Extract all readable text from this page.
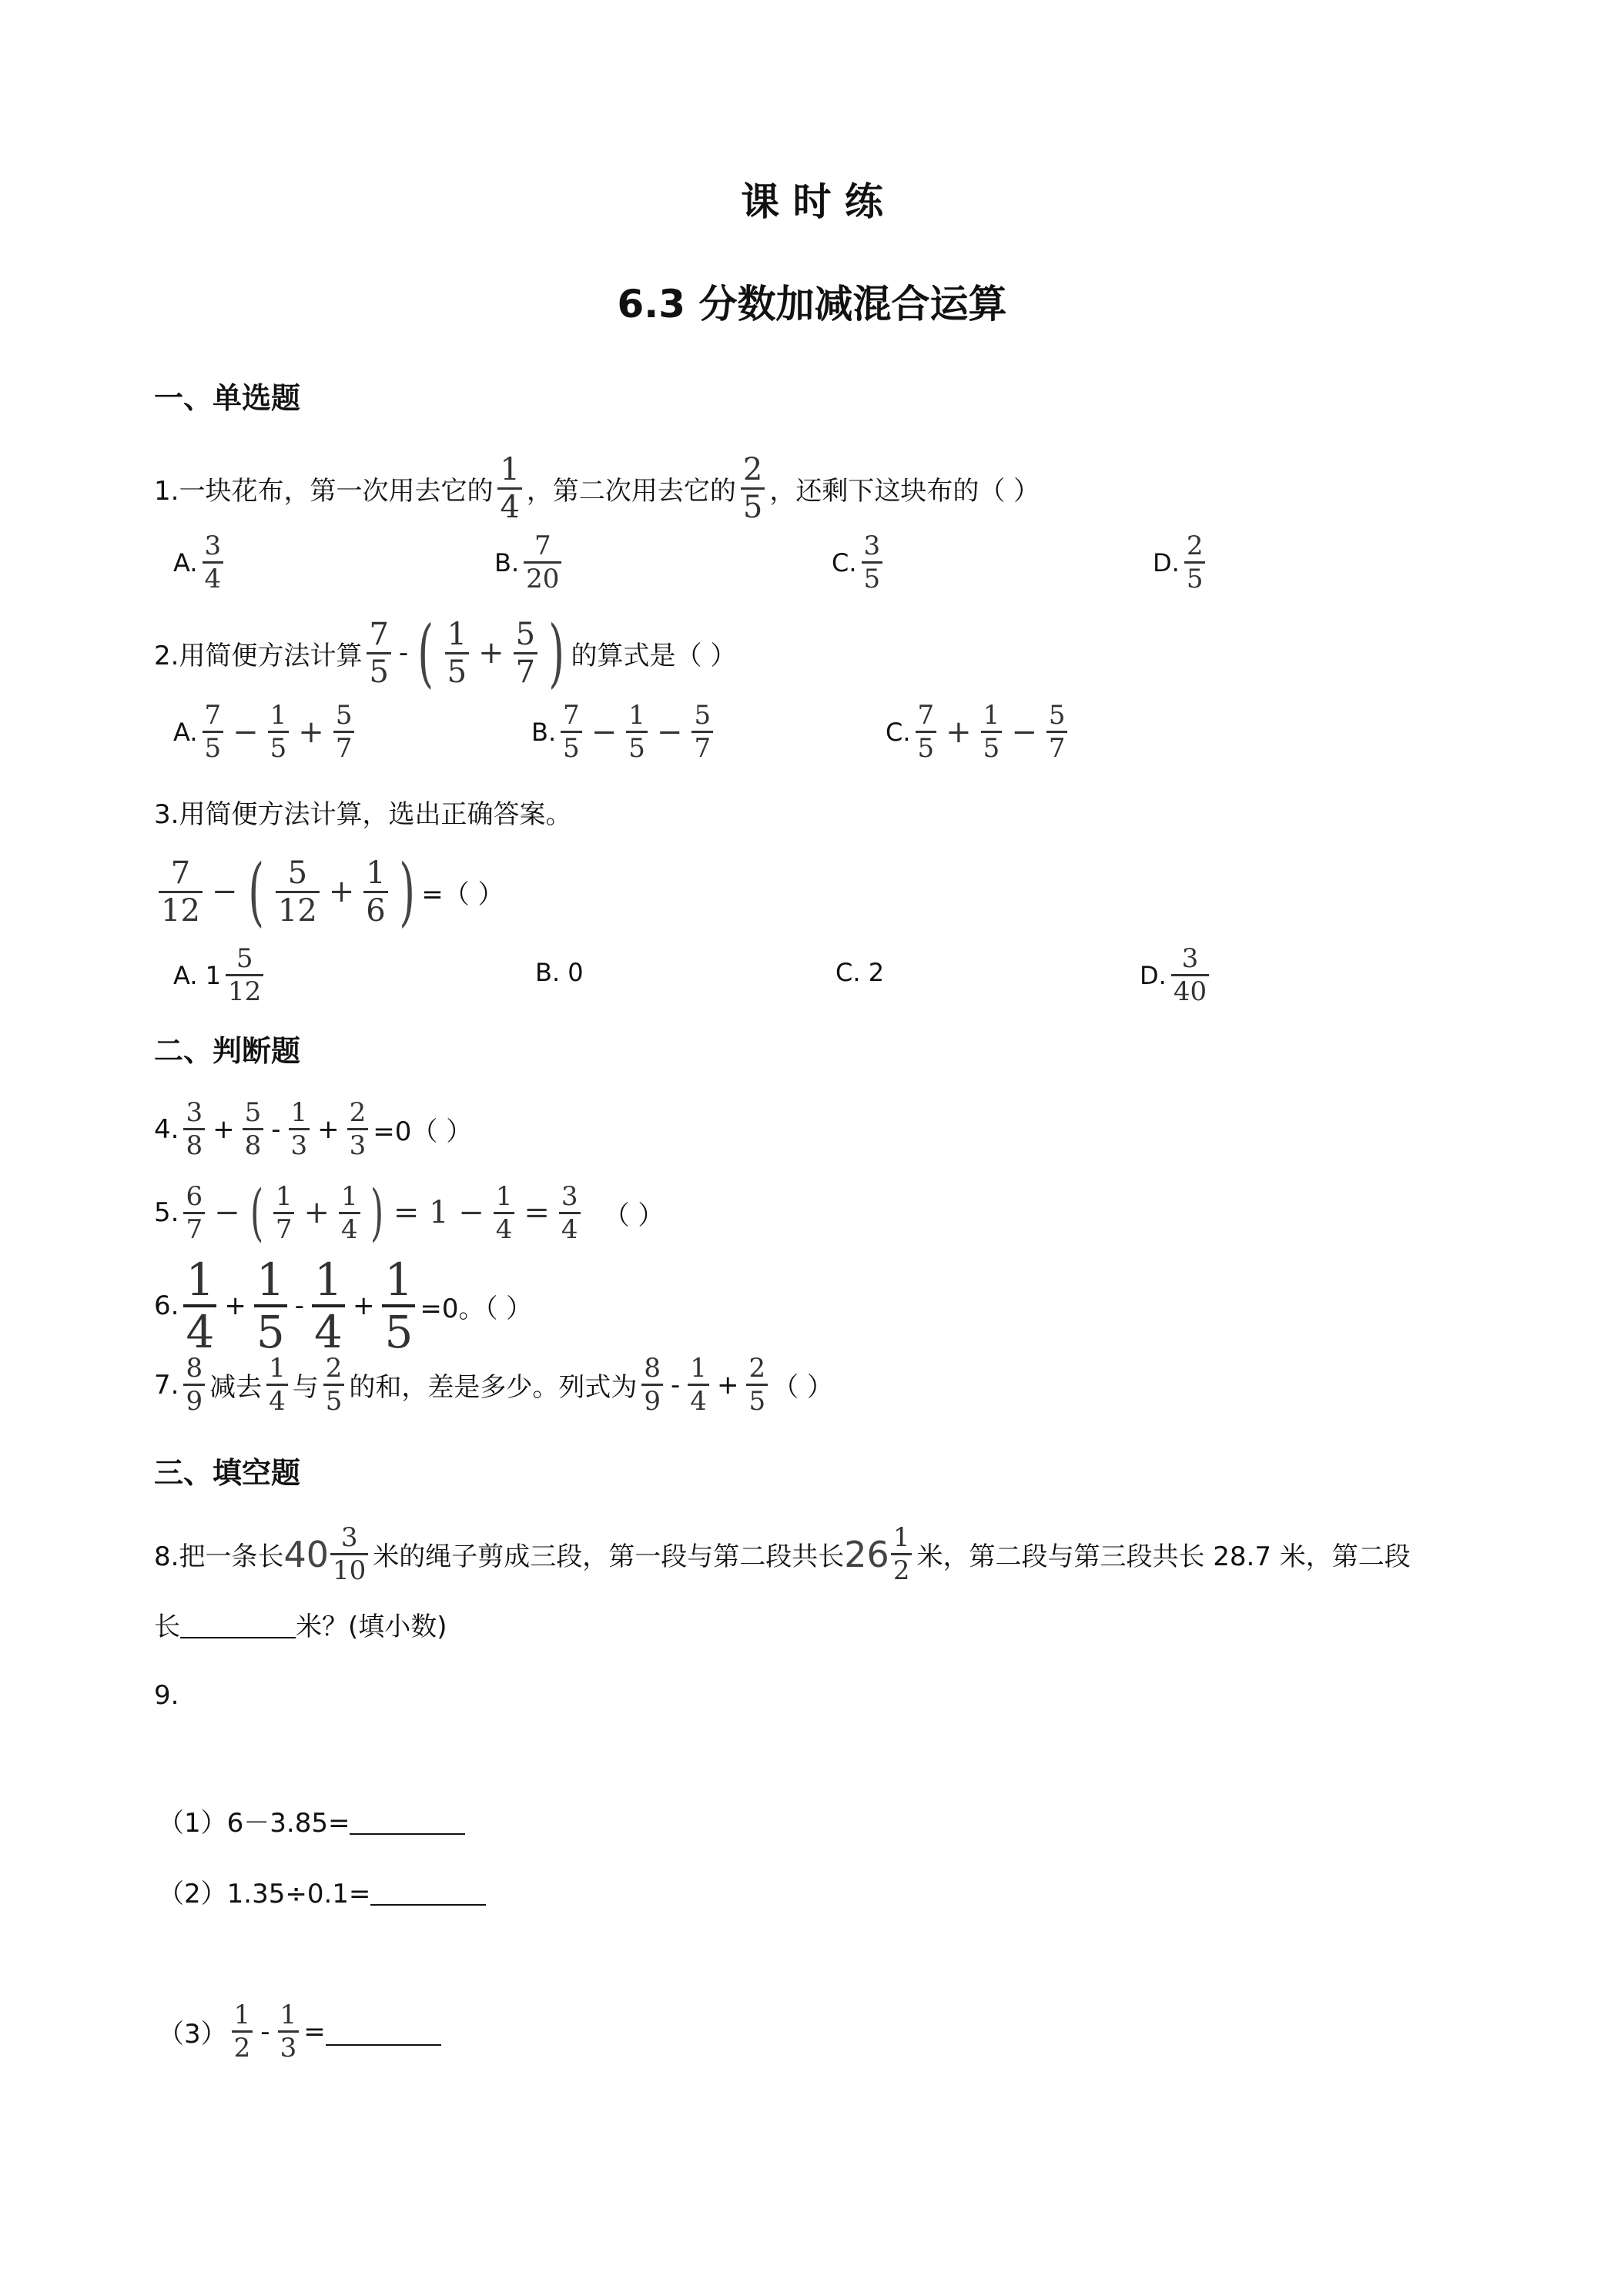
课 时 练
6.3 分数加减混合运算
一、单选题
1.一块花布，第一次用去它的 $\frac{1}{4}$ ，第二次用去它的 $\frac{2}{5}$ ，还剩下这块布的（ ）
A. $\frac{3}{4}$	B. $\frac{7}{20}$	C. $\frac{3}{5}$	D. $\frac{2}{5}$
2.用简便方法计算 $\frac{7}{5}$ - ( $\frac{1}{5} + \frac{5}{7}$ ) 的算式是（ ）
A. $\frac{7}{5} - \frac{1}{5} + \frac{5}{7}$	B. $\frac{7}{5} - \frac{1}{5} - \frac{5}{7}$	C. $\frac{7}{5} + \frac{1}{5} - \frac{5}{7}$
3.用简便方法计算，选出正确答案。
$\frac{7}{12}$ − ( $\frac{5}{12} + \frac{1}{6}$ ) =（ ）
A. $1 \frac{5}{12}$	B. 0	C. 2	D. $\frac{3}{40}$
二、判断题
4. $\frac{3}{8} + \frac{5}{8} - \frac{1}{3} + \frac{2}{3} =0$（ ）
5. $\frac{6}{7}$ − ( $\frac{1}{7} + \frac{1}{4}$ ) = $1 - \frac{1}{4} = \frac{3}{4}$ （ ）
6. $\frac{1}{4} + \frac{1}{5} - \frac{1}{4} + \frac{1}{5} =0$。（ ）
7. $\frac{8}{9}$ 减去 $\frac{1}{4}$ 与 $\frac{2}{5}$ 的和，差是多少。列式为 $\frac{8}{9} - \frac{1}{4} + \frac{2}{5}$ （ ）
三、填空题
8.把一条长 $40 \frac{3}{10}$ 米的绳子剪成三段，第一段与第二段共长 $26 \frac{1}{2}$ 米，第二段与第三段共长 28.7 米，第二段
长	米？(填小数)
9.
（1）6－3.85=
（2）1.35÷0.1=
$(3) \frac{1}{2} - \frac{1}{3}$ =
